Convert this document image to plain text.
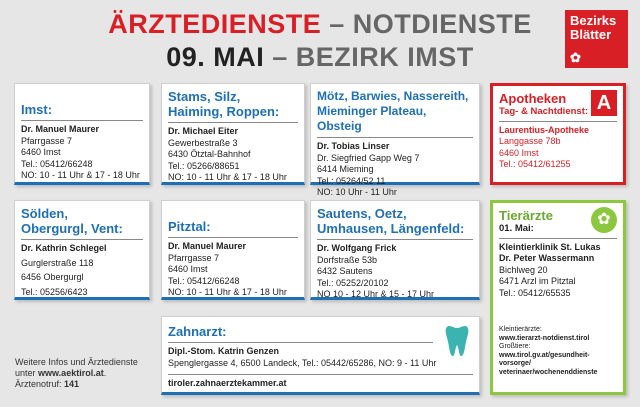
ÄRZTEDIENSTE – NOTDIENSTE
09. MAI – BEZIRK IMST
Bezirks
Blätter
✿
Imst:
Dr. Manuel Maurer
Pfarrgasse 7
6460 Imst
Tel.: 05412/66248
NO: 10 - 11 Uhr & 17 - 18 Uhr
Stams, Silz,
Haiming, Roppen:
Dr. Michael Eiter
Gewerbestraße 3
6430 Ötztal-Bahnhof
Tel.: 05266/88651
NO: 10 - 11 Uhr & 17 - 18 Uhr
Mötz, Barwies, Nassereith,
Mieminger Plateau, Obsteig
Dr. Tobias Linser
Dr. Siegfried Gapp Weg 7
6414 Mieming
Tel.: 05264/52 11
NO: 10 Uhr - 11 Uhr
Apotheken
Tag- & Nachtdienst: A
Laurentius-Apotheke
Langgasse 78b
6460 Imst
Tel.: 05412/61255
Sölden,
Obergurgl, Vent:
Dr. Kathrin Schlegel
Gurglerstraße 118
6456 Obergurgl
Tel.: 05256/6423
Pitztal:
Dr. Manuel Maurer
Pfarrgasse 7
6460 Imst
Tel.: 05412/66248
NO: 10 - 11 Uhr & 17 - 18 Uhr
Sautens, Oetz,
Umhausen, Längenfeld:
Dr. Wolfgang Frick
Dorfstraße 53b
6432 Sautens
Tel.: 05252/20102
NO 10 - 12 Uhr & 15 - 17 Uhr
Tierärzte
01. Mai:
✿
Kleintierklinik St. Lukas
Dr. Peter Wassermann
Bichlweg 20
6471 Arzl im Pitztal
Tel.: 05412/65535
Kleintierärzte:
www.tierarzt-notdienst.tirol
Großtiere:
www.tirol.gv.at/gesundheit-vorsorge/
veterinaer/wochenenddienste
Zahnarzt:
Dipl.-Stom. Katrin Genzen
Spenglergasse 4, 6500 Landeck, Tel.: 05442/65286, NO: 9 - 11 Uhr
tiroler.zahnaerztekammer.at
Weitere Infos und Ärztedienste
unter www.aektirol.at.
Ärztenotruf: 141
